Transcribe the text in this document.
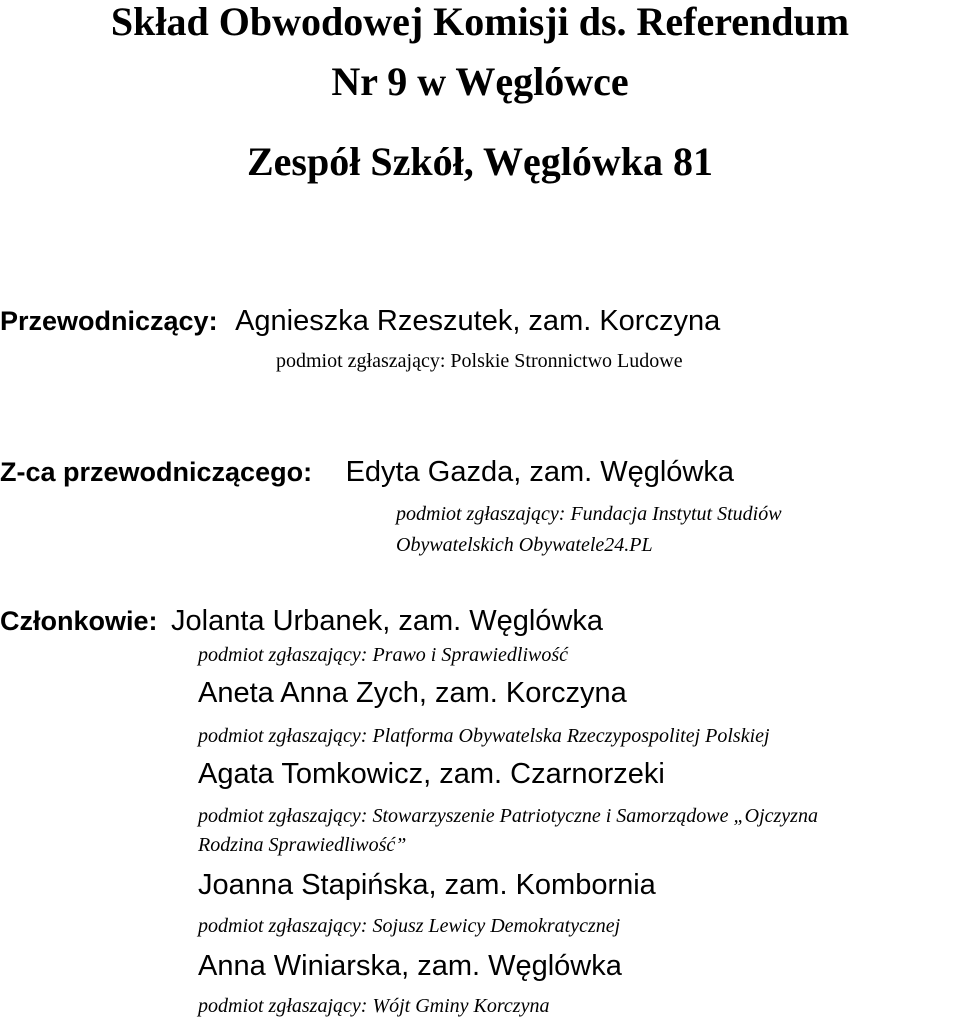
Skład Obwodowej Komisji ds. Referendum
Nr 9 w Węglówce
Zespół Szkół, Węglówka 81
Przewodniczący: Agnieszka Rzeszutek, zam. Korczyna
podmiot zgłaszający: Polskie Stronnictwo Ludowe
Z-ca przewodniczącego: Edyta Gazda, zam. Węglówka
podmiot zgłaszający: Fundacja Instytut Studiów
Obywatelskich Obywatele24.PL
Członkowie: Jolanta Urbanek, zam. Węglówka
podmiot zgłaszający: Prawo i Sprawiedliwość
Aneta Anna Zych, zam. Korczyna
podmiot zgłaszający: Platforma Obywatelska Rzeczypospolitej Polskiej
Agata Tomkowicz, zam. Czarnorzeki
podmiot zgłaszający: Stowarzyszenie Patriotyczne i Samorządowe „Ojczyzna
Rodzina Sprawiedliwość”
Joanna Stapińska, zam. Kombornia
podmiot zgłaszający: Sojusz Lewicy Demokratycznej
Anna Winiarska, zam. Węglówka
podmiot zgłaszający: Wójt Gminy Korczyna
